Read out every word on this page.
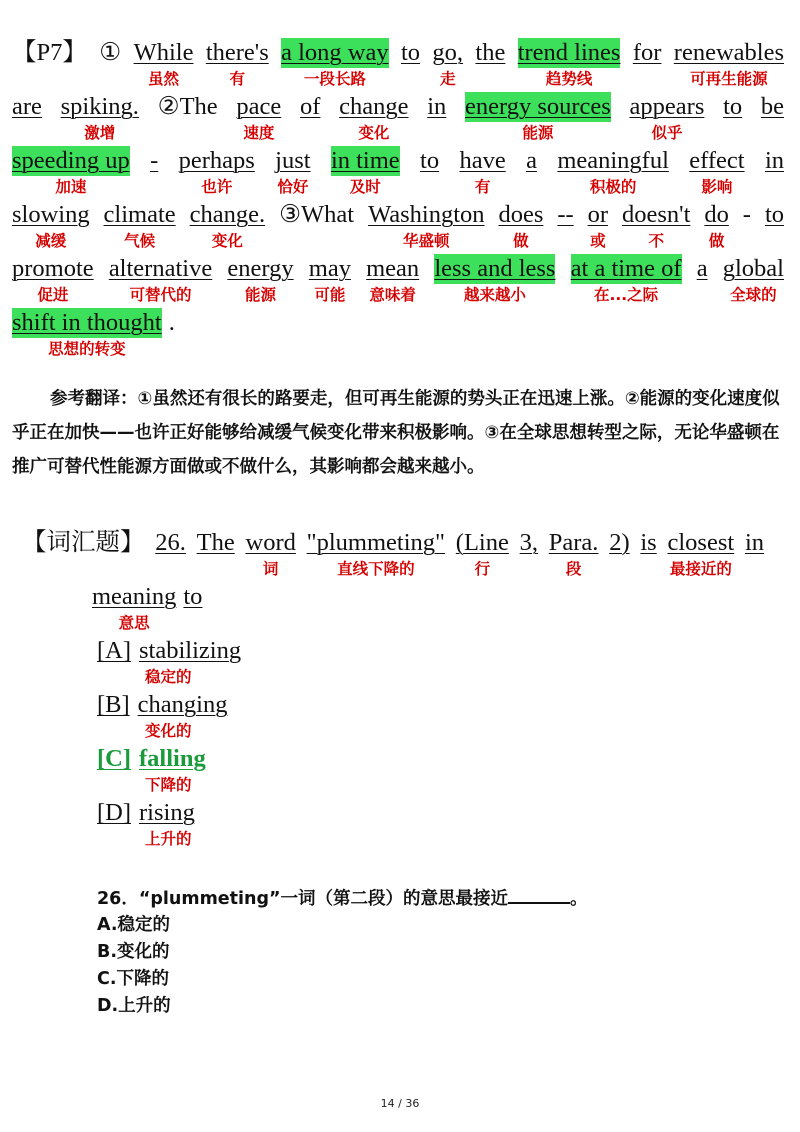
【P7】 ① While there's a long way to go, the trend lines for renewables
虽然	有	一段长路	走	趋势线	可再生能源
are spiking. ②The pace of change in energy sources appears to be
激增	速度	变化	能源	似乎
speeding up - perhaps just in time to have a meaningful effect in
加速	也许	恰好	及时	有	积极的	影响
slowing climate change. ③What Washington does -- or doesn't do - to
减缓	气候	变化	华盛顿	做	或	不	做
promote alternative energy may mean less and less at a time of a global
促进	可替代的	能源 可能 意味着	越来越小	在...之际	全球的
shift in thought .
思想的转变

参考翻译：①虽然还有很长的路要走，但可再生能源的势头正在迅速上涨。②能源的变化速度似乎正在加快——也许正好能够给减缓气候变化带来积极影响。③在全球思想转型之际，无论华盛顿在推广可替代性能源方面做或不做什么，其影响都会越来越小。

【词汇题】 26. The word "plummeting" (Line 3, Para. 2) is closest in
词	直线下降的	行	段	最接近的
meaning to
意思
[A] stabilizing
稳定的
[B] changing
变化的
[C] falling
下降的
[D] rising
上升的
26．“plummeting”一词（第二段）的意思最接近	。
A.稳定的
B.变化的
C.下降的
D.上升的
14 / 36
